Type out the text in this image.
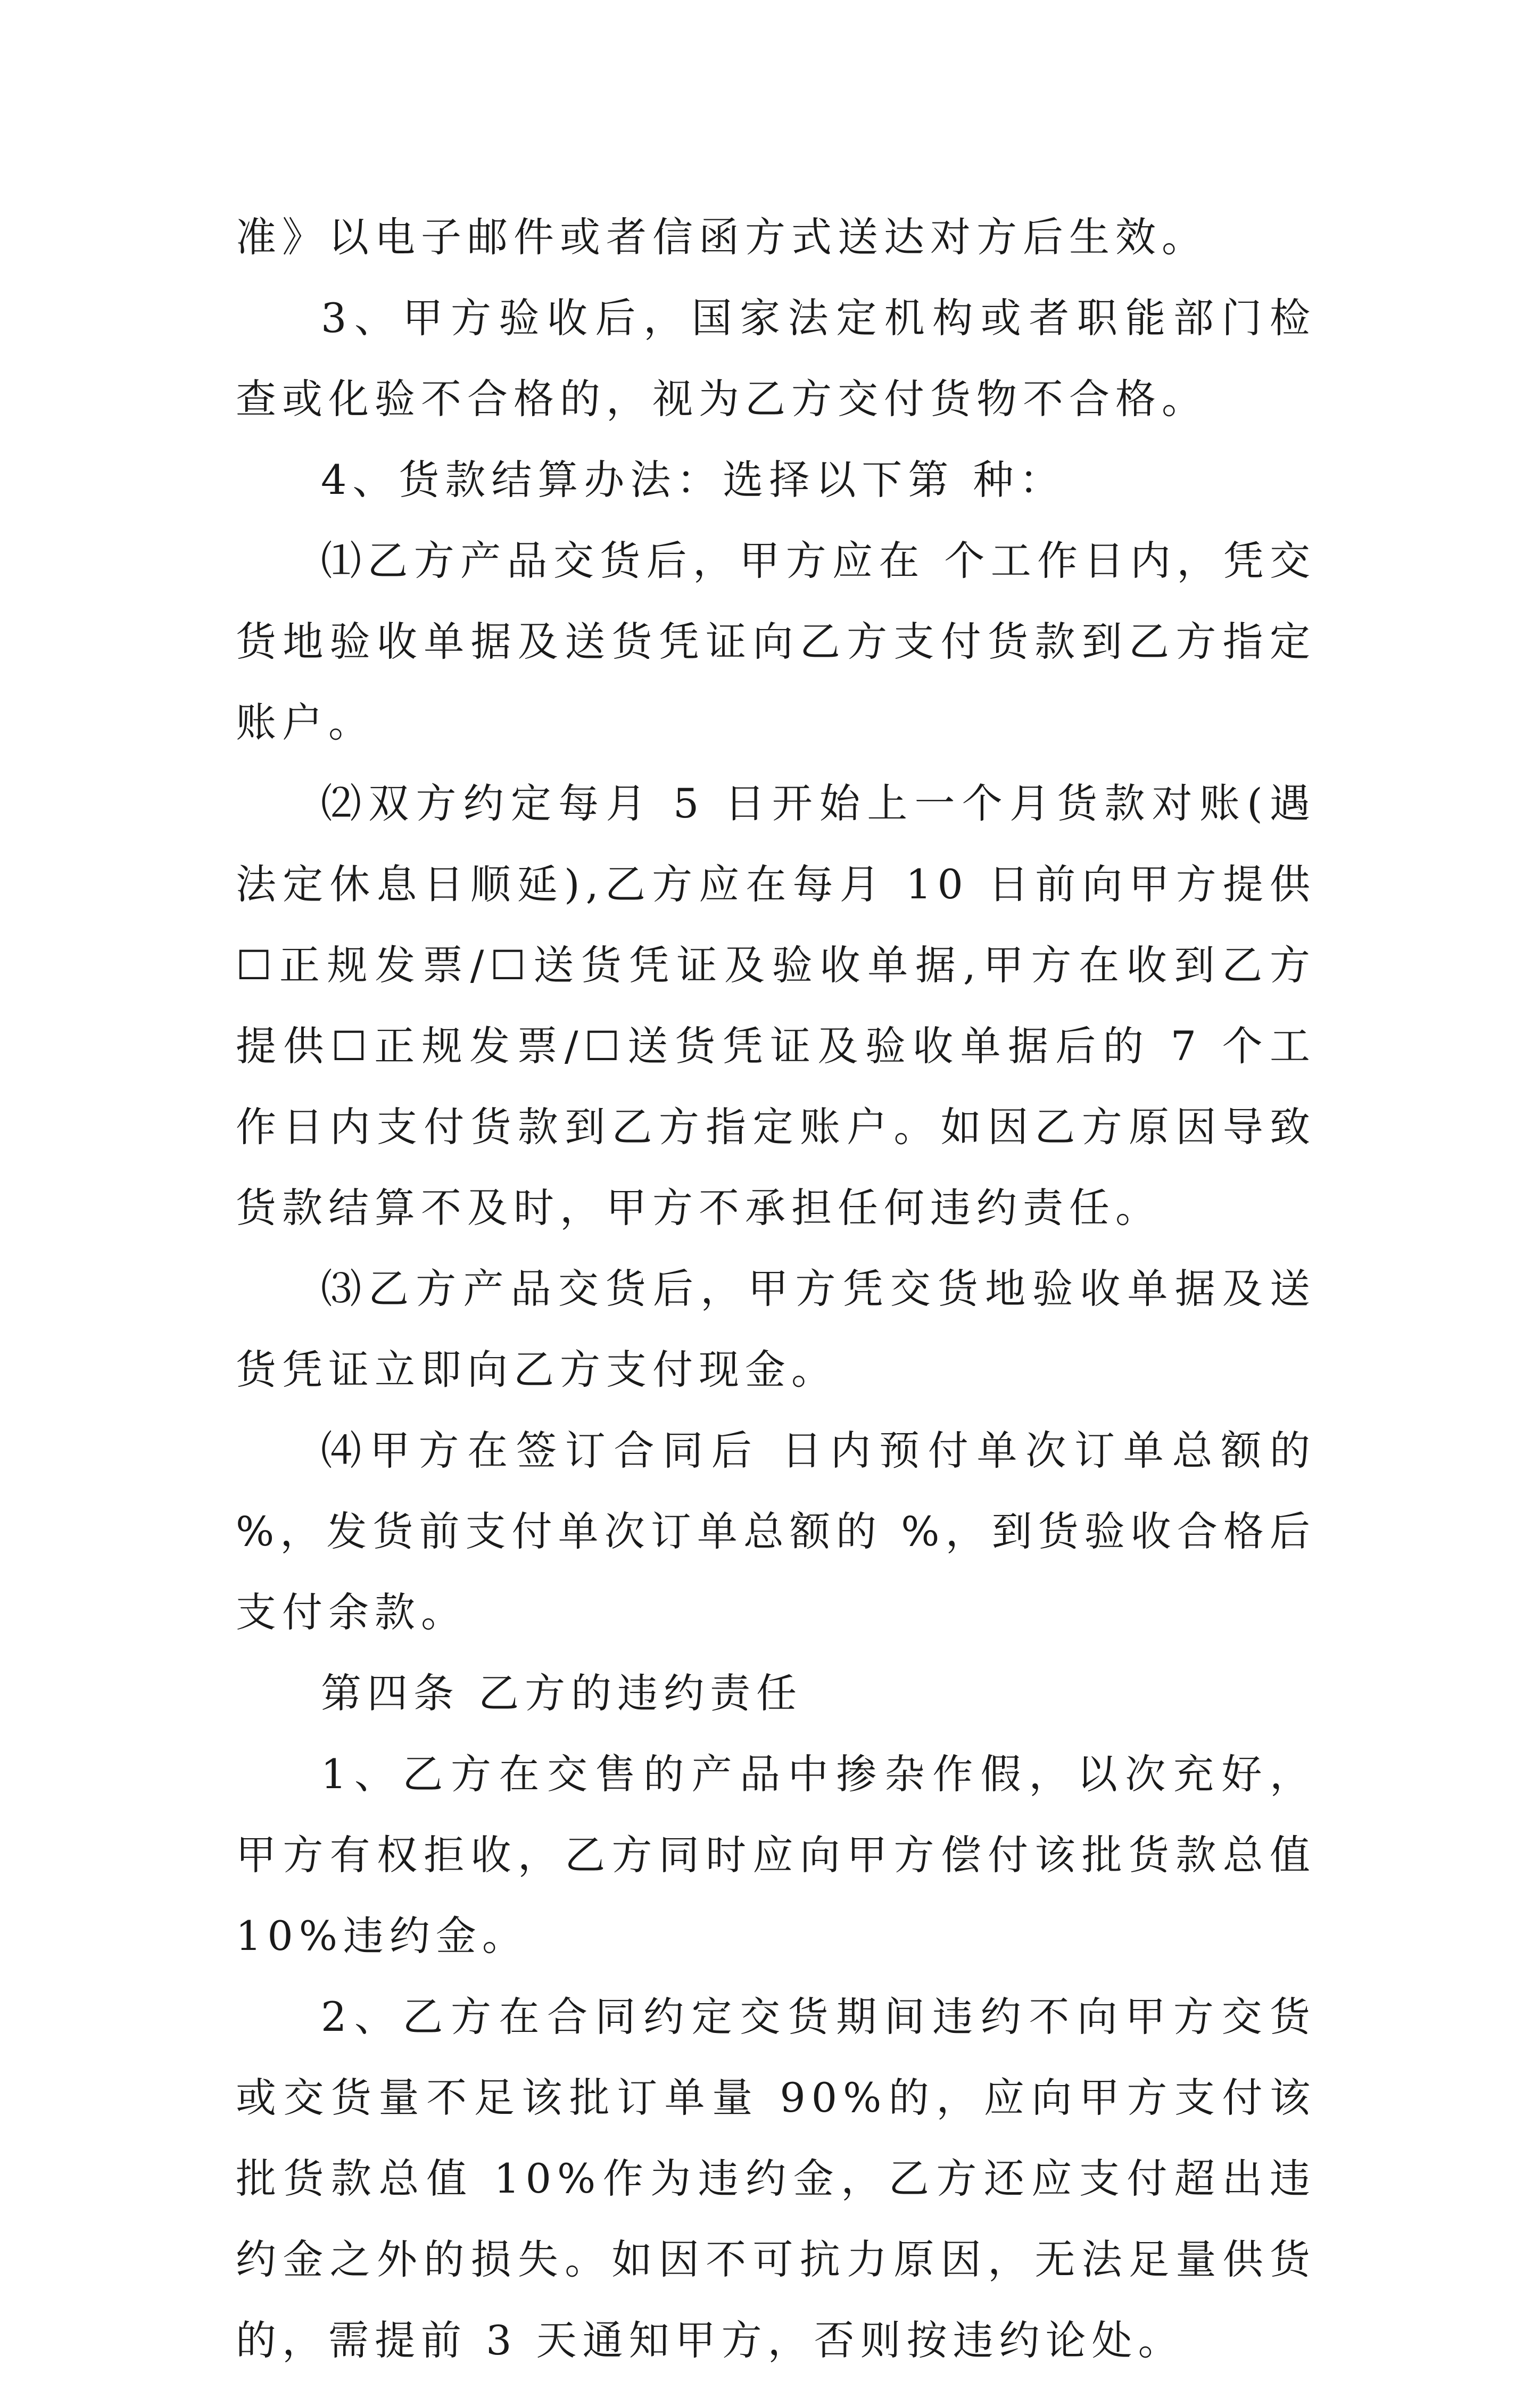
准》以电子邮件或者信函方式送达对方后生效。

3、甲方验收后，国家法定机构或者职能部门检查或化验不合格的，视为乙方交付货物不合格。

4、货款结算办法：选择以下第 种：

⑴乙方产品交货后，甲方应在 个工作日内，凭交货地验收单据及送货凭证向乙方支付货款到乙方指定账户。

⑵双方约定每月 5 日开始上一个月货款对账(遇法定休息日顺延),乙方应在每月 10 日前向甲方提供☐正规发票/☐送货凭证及验收单据,甲方在收到乙方提供☐正规发票/☐送货凭证及验收单据后的 7 个工作日内支付货款到乙方指定账户。如因乙方原因导致货款结算不及时，甲方不承担任何违约责任。

⑶乙方产品交货后，甲方凭交货地验收单据及送货凭证立即向乙方支付现金。

⑷甲方在签订合同后 日内预付单次订单总额的 %，发货前支付单次订单总额的 %，到货验收合格后支付余款。

第四条 乙方的违约责任

1、乙方在交售的产品中掺杂作假，以次充好，甲方有权拒收，乙方同时应向甲方偿付该批货款总值 10%违约金。

2、乙方在合同约定交货期间违约不向甲方交货或交货量不足该批订单量 90%的，应向甲方支付该批货款总值 10%作为违约金，乙方还应支付超出违约金之外的损失。如因不可抗力原因，无法足量供货的，需提前 3 天通知甲方，否则按违约论处。
